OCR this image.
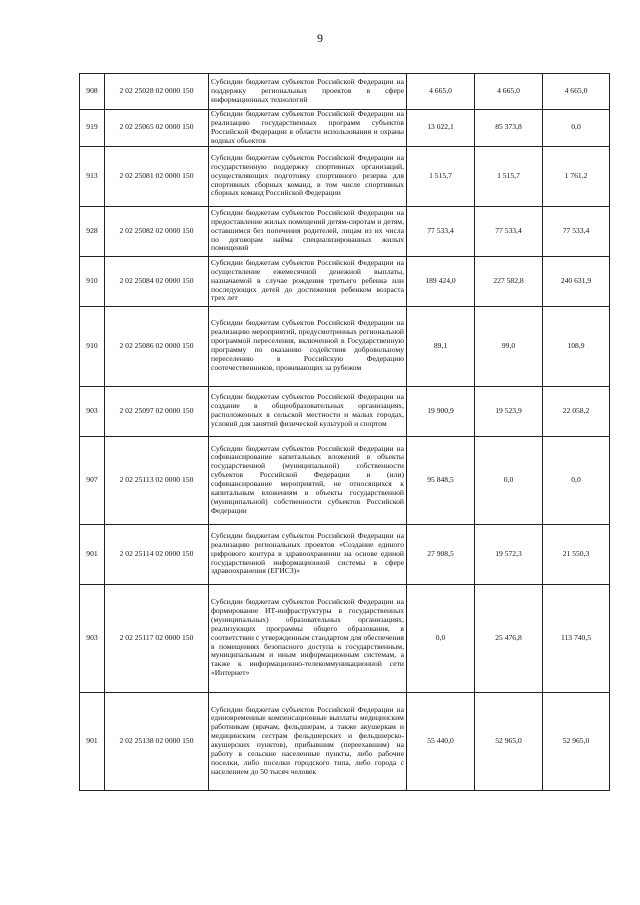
9
908	2 02 25028 02 0000 150	Субсидии бюджетам субъектов Российской Федерации на поддержку региональных проектов в сфере информационных технологий	4 665,0	4 665,0	4 665,0
919	2 02 25065 02 0000 150	Субсидии бюджетам субъектов Российской Федерации на реализацию государственных программ субъектов Российской Федерации в области использования и охраны водных объектов	13 022,1	85 373,8	0,0
913	2 02 25081 02 0000 150	Субсидии бюджетам субъектов Российской Федерации на государственную поддержку спортивных организаций, осуществляющих подготовку спортивного резерва для спортивных сборных команд, в том числе спортивных сборных команд Российской Федерации	1 515,7	1 515,7	1 761,2
928	2 02 25082 02 0000 150	Субсидии бюджетам субъектов Российской Федерации на предоставление жилых помещений детям-сиротам и детям, оставшимся без попечения родителей, лицам из их числа по договорам найма специализированных жилых помещений	77 533,4	77 533,4	77 533,4
910	2 02 25084 02 0000 150	Субсидии бюджетам субъектов Российской Федерации на осуществление ежемесячной денежной выплаты, назначаемой в случае рождения третьего ребенка или последующих детей до достижения ребенком возраста трех лет	189 424,0	227 582,8	240 631,9
910	2 02 25086 02 0000 150	Субсидии бюджетам субъектов Российской Федерации на реализацию мероприятий, предусмотренных региональной программой переселения, включенной в Государственную программу по оказанию содействия добровольному переселению в Российскую Федерацию соотечественников, проживающих за рубежом	89,1	99,0	108,9
903	2 02 25097 02 0000 150	Субсидии бюджетам субъектов Российской Федерации на создание в общеобразовательных организациях, расположенных в сельской местности и малых городах, условий для занятий физической культурой и спортом	19 900,9	19 523,9	22 058,2
907	2 02 25113 02 0000 150	Субсидии бюджетам субъектов Российской Федерации на софинансирование капитальных вложений в объекты государственной (муниципальной) собственности субъектов Российской Федерации и (или) софинансирование мероприятий, не относящихся к капитальным вложениям в объекты государственной (муниципальной) собственности субъектов Российской Федерации	95 848,5	0,0	0,0
901	2 02 25114 02 0000 150	Субсидии бюджетам субъектов Российской Федерации на реализацию региональных проектов «Создание единого цифрового контура в здравоохранении на основе единой государственной информационной системы в сфере здравоохранения (ЕГИСЗ)»	27 908,5	19 572,3	21 550,3
903	2 02 25117 02 0000 150	Субсидии бюджетам субъектов Российской Федерации на формирование ИТ-инфраструктуры в государственных (муниципальных) образовательных организациях, реализующих программы общего образования, в соответствии с утвержденным стандартом для обеспечения в помещениях безопасного доступа к государственным, муниципальным и иным информационным системам, а также к информационно-телекоммуникационной сети «Интернет»	0,0	25 476,8	113 740,5
901	2 02 25138 02 0000 150	Субсидии бюджетам субъектов Российской Федерации на единовременные компенсационные выплаты медицинским работникам (врачам, фельдшерам, а также акушеркам и медицинским сестрам фельдшерских и фельдшерско-акушерских пунктов), прибывшим (переехавшим) на работу в сельские населенные пункты, либо рабочие поселки, либо поселки городского типа, либо города с населением до 50 тысяч человек	55 440,0	52 965,0	52 965,0
